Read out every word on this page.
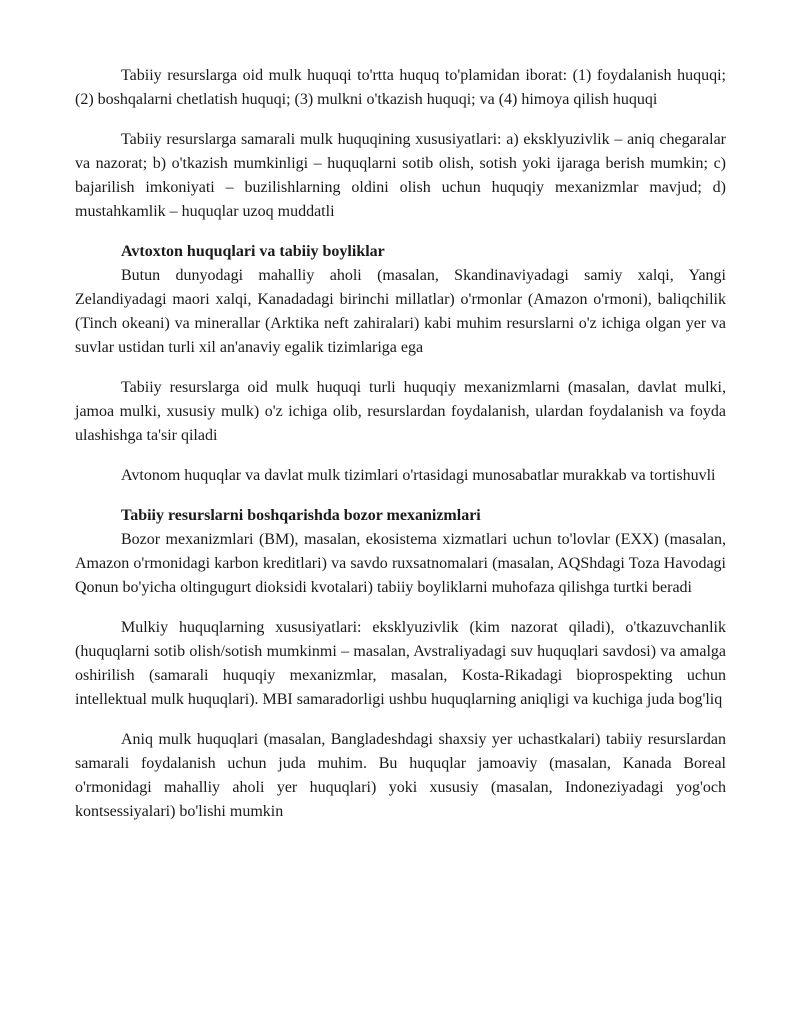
Tabiiy resurslarga oid mulk huquqi to'rtta huquq to'plamidan iborat: (1) foydalanish huquqi; (2) boshqalarni chetlatish huquqi; (3) mulkni o'tkazish huquqi; va (4) himoya qilish huquqi

Tabiiy resurslarga samarali mulk huquqining xususiyatlari: a) eksklyuzivlik – aniq chegaralar va nazorat; b) o'tkazish mumkinligi – huquqlarni sotib olish, sotish yoki ijaraga berish mumkin; c) bajarilish imkoniyati – buzilishlarning oldini olish uchun huquqiy mexanizmlar mavjud; d) mustahkamlik – huquqlar uzoq muddatli

Avtoxton huquqlari va tabiiy boyliklar

Butun dunyodagi mahalliy aholi (masalan, Skandinaviyadagi samiy xalqi, Yangi Zelandiyadagi maori xalqi, Kanadadagi birinchi millatlar) o'rmonlar (Amazon o'rmoni), baliqchilik (Tinch okeani) va minerallar (Arktika neft zahiralari) kabi muhim resurslarni o'z ichiga olgan yer va suvlar ustidan turli xil an'anaviy egalik tizimlariga ega

Tabiiy resurslarga oid mulk huquqi turli huquqiy mexanizmlarni (masalan, davlat mulki, jamoa mulki, xususiy mulk) o'z ichiga olib, resurslardan foydalanish, ulardan foydalanish va foyda ulashishga ta'sir qiladi

Avtonom huquqlar va davlat mulk tizimlari o'rtasidagi munosabatlar murakkab va tortishuvli

Tabiiy resurslarni boshqarishda bozor mexanizmlari

Bozor mexanizmlari (BM), masalan, ekosistema xizmatlari uchun to'lovlar (EXX) (masalan, Amazon o'rmonidagi karbon kreditlari) va savdo ruxsatnomalari (masalan, AQShdagi Toza Havodagi Qonun bo'yicha oltingugurt dioksidi kvotalari) tabiiy boyliklarni muhofaza qilishga turtki beradi

Mulkiy huquqlarning xususiyatlari: eksklyuzivlik (kim nazorat qiladi), o'tkazuvchanlik (huquqlarni sotib olish/sotish mumkinmi – masalan, Avstraliyadagi suv huquqlari savdosi) va amalga oshirilish (samarali huquqiy mexanizmlar, masalan, Kosta-Rikadagi bioprospekting uchun intellektual mulk huquqlari). MBI samaradorligi ushbu huquqlarning aniqligi va kuchiga juda bog'liq

Aniq mulk huquqlari (masalan, Bangladeshdagi shaxsiy yer uchastkalari) tabiiy resurslardan samarali foydalanish uchun juda muhim. Bu huquqlar jamoaviy (masalan, Kanada Boreal o'rmonidagi mahalliy aholi yer huquqlari) yoki xususiy (masalan, Indoneziyadagi yog'och kontsessiyalari) bo'lishi mumkin
